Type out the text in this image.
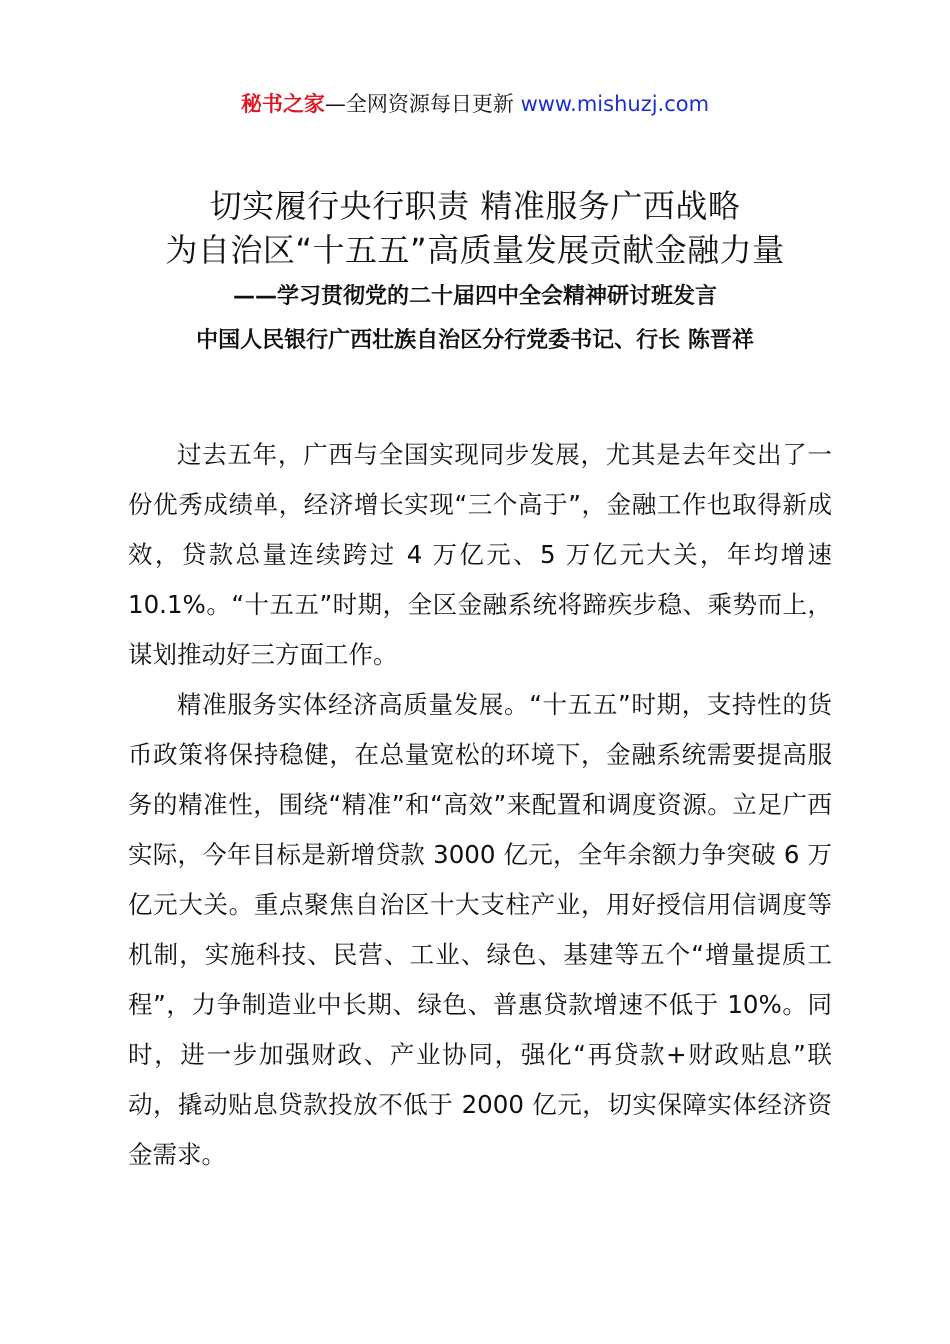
秘书之家—全网资源每日更新 www.mishuzj.com
切实履行央行职责 精准服务广西战略
为自治区“十五五”高质量发展贡献金融力量
——学习贯彻党的二十届四中全会精神研讨班发言
中国人民银行广西壮族自治区分行党委书记、行长 陈晋祥

过去五年，广西与全国实现同步发展，尤其是去年交出了一份优秀成绩单，经济增长实现“三个高于”，金融工作也取得新成效，贷款总量连续跨过 4 万亿元、5 万亿元大关，年均增速 10.1%。“十五五”时期，全区金融系统将蹄疾步稳、乘势而上，谋划推动好三方面工作。

精准服务实体经济高质量发展。“十五五”时期，支持性的货币政策将保持稳健，在总量宽松的环境下，金融系统需要提高服务的精准性，围绕“精准”和“高效”来配置和调度资源。立足广西实际，今年目标是新增贷款 3000 亿元，全年余额力争突破 6 万亿元大关。重点聚焦自治区十大支柱产业，用好授信用信调度等机制，实施科技、民营、工业、绿色、基建等五个“增量提质工程”，力争制造业中长期、绿色、普惠贷款增速不低于 10%。同时，进一步加强财政、产业协同，强化“再贷款+财政贴息”联动，撬动贴息贷款投放不低于 2000 亿元，切实保障实体经济资金需求。
